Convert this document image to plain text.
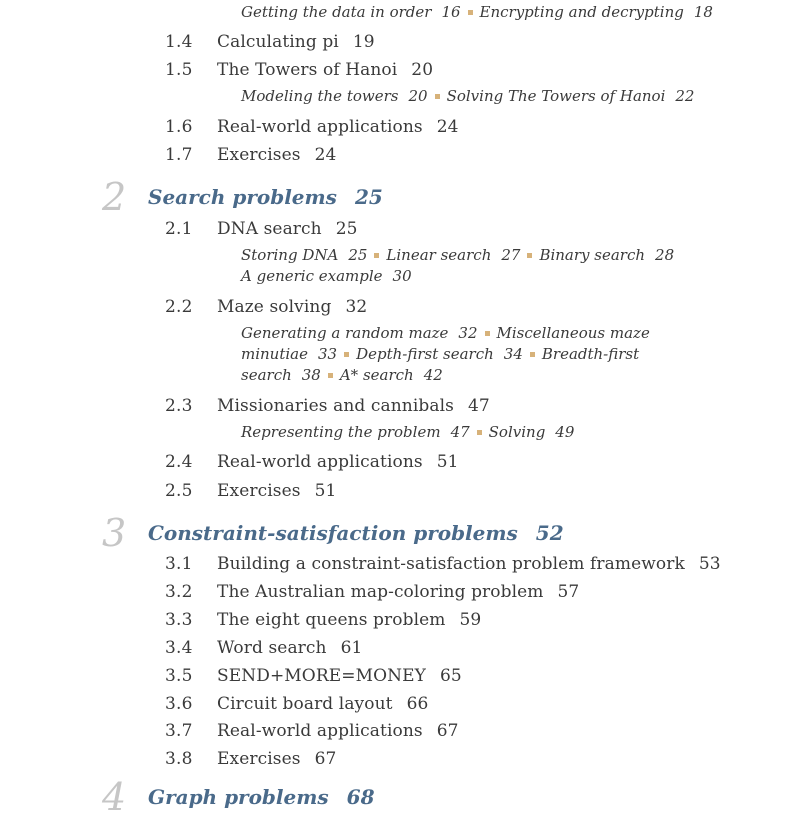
Getting the data in order 16 Encrypting and decrypting 18
1.4 Calculating pi 19
1.5 The Towers of Hanoi 20
Modeling the towers 20 Solving The Towers of Hanoi 22
1.6 Real-world applications 24
1.7 Exercises 24
2 Search problems 25
2.1 DNA search 25
Storing DNA 25 Linear search 27 Binary search 28
A generic example 30
2.2 Maze solving 32
Generating a random maze 32 Miscellaneous maze
minutiae 33 Depth-first search 34 Breadth-first
search 38 A* search 42
2.3 Missionaries and cannibals 47
Representing the problem 47 Solving 49
2.4 Real-world applications 51
2.5 Exercises 51
3 Constraint-satisfaction problems 52
3.1 Building a constraint-satisfaction problem framework 53
3.2 The Australian map-coloring problem 57
3.3 The eight queens problem 59
3.4 Word search 61
3.5 SEND+MORE=MONEY 65
3.6 Circuit board layout 66
3.7 Real-world applications 67
3.8 Exercises 67
4 Graph problems 68
